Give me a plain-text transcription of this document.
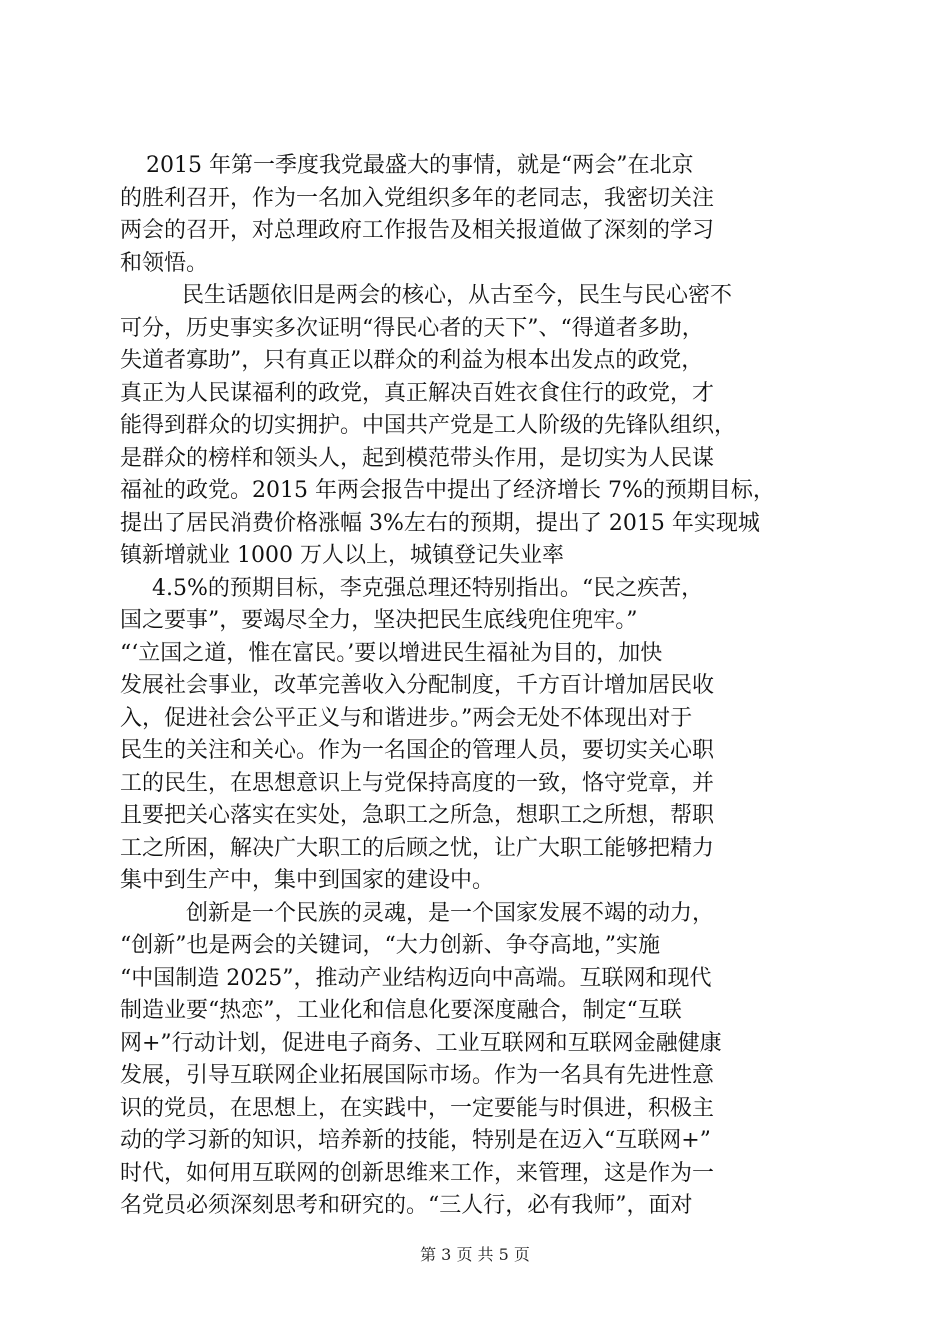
2015 年第一季度我党最盛大的事情，就是“两会”在北京
的胜利召开，作为一名加入党组织多年的老同志，我密切关注
两会的召开，对总理政府工作报告及相关报道做了深刻的学习
和领悟。
民生话题依旧是两会的核心，从古至今，民生与民心密不
可分，历史事实多次证明“得民心者的天下”、“得道者多助，
失道者寡助”，只有真正以群众的利益为根本出发点的政党，
真正为人民谋福利的政党，真正解决百姓衣食住行的政党，才
能得到群众的切实拥护。中国共产党是工人阶级的先锋队组织，
是群众的榜样和领头人，起到模范带头作用，是切实为人民谋
福祉的政党。2015 年两会报告中提出了经济增长 7%的预期目标，
提出了居民消费价格涨幅 3%左右的预期，提出了 2015 年实现城
镇新增就业 1000 万人以上，城镇登记失业率
4.5%的预期目标，李克强总理还特别指出。“民之疾苦，
国之要事”，要竭尽全力，坚决把民生底线兜住兜牢。”
“‘立国之道，惟在富民。’要以增进民生福祉为目的，加快
发展社会事业，改革完善收入分配制度，千方百计增加居民收
入，促进社会公平正义与和谐进步。”两会无处不体现出对于
民生的关注和关心。作为一名国企的管理人员，要切实关心职
工的民生，在思想意识上与党保持高度的一致，恪守党章，并
且要把关心落实在实处，急职工之所急，想职工之所想，帮职
工之所困，解决广大职工的后顾之忧，让广大职工能够把精力
集中到生产中，集中到国家的建设中。
创新是一个民族的灵魂，是一个国家发展不竭的动力，
“创新”也是两会的关键词，“大力创新、争夺高地，”实施
“中国制造 2025”，推动产业结构迈向中高端。互联网和现代
制造业要“热恋”，工业化和信息化要深度融合，制定“互联
网+”行动计划，促进电子商务、工业互联网和互联网金融健康
发展，引导互联网企业拓展国际市场。作为一名具有先进性意
识的党员，在思想上，在实践中，一定要能与时俱进，积极主
动的学习新的知识，培养新的技能，特别是在迈入“互联网+”
时代，如何用互联网的创新思维来工作，来管理，这是作为一
名党员必须深刻思考和研究的。“三人行，必有我师”，面对
第 3 页 共 5 页
